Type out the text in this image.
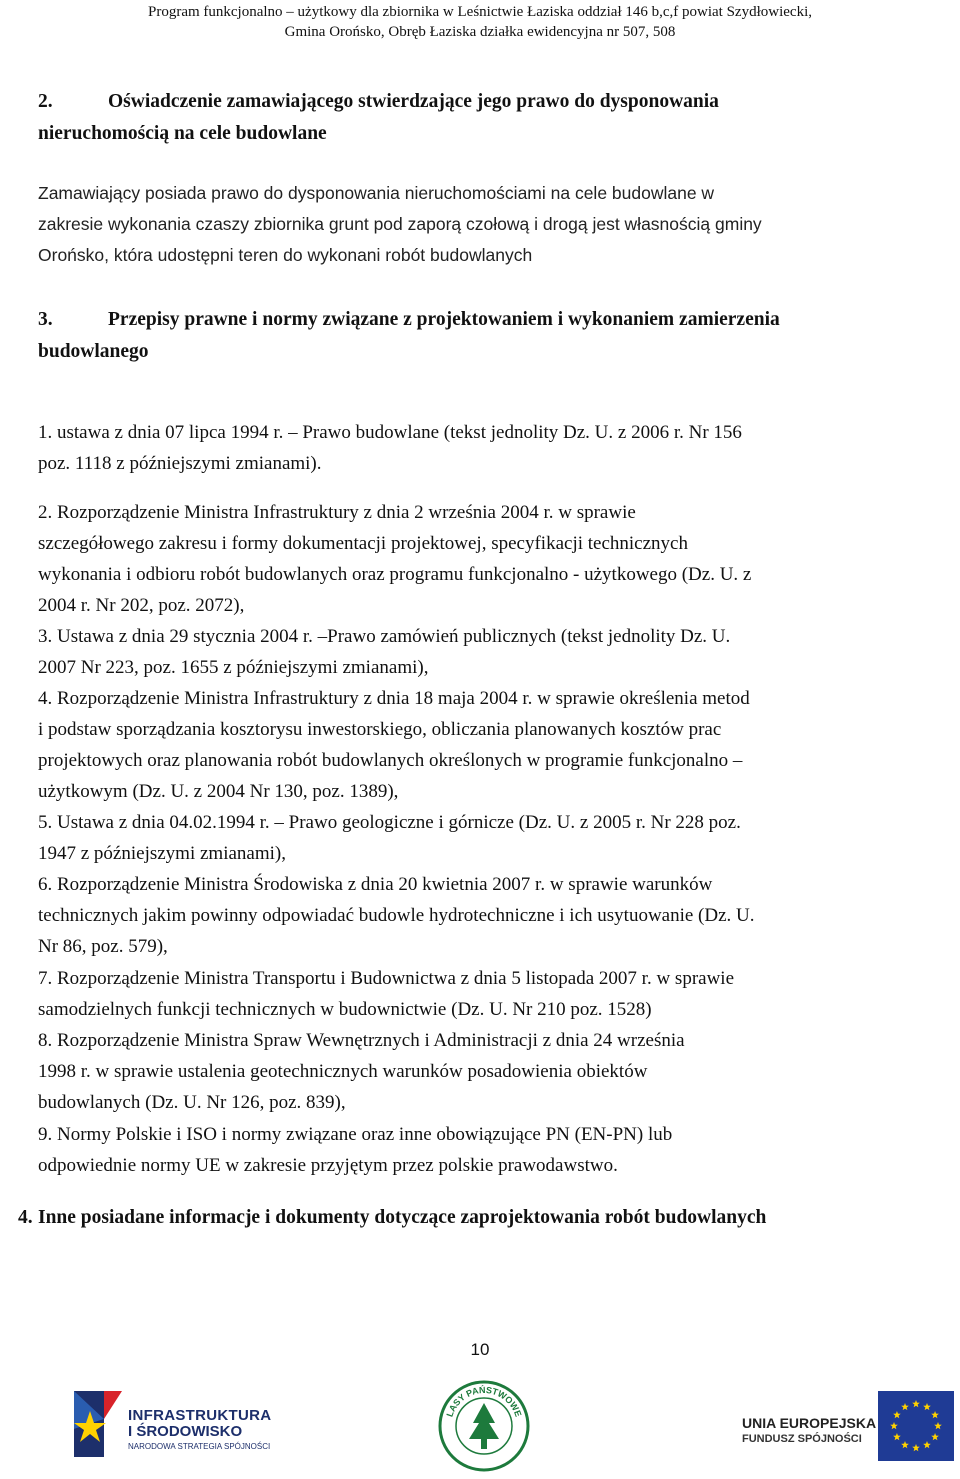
Program funkcjonalno – użytkowy dla zbiornika w Leśnictwie Łaziska oddział 146 b,c,f powiat Szydłowiecki,
Gmina Orońsko, Obręb Łaziska działka ewidencyjna nr 507, 508
2.	Oświadczenie zamawiającego stwierdzające jego prawo do dysponowania
nieruchomością na cele budowlane
Zamawiający posiada prawo do dysponowania nieruchomościami na cele budowlane w
zakresie wykonania czaszy zbiornika grunt pod zaporą czołową i drogą jest własnością gminy
Orońsko, która udostępni teren do wykonani robót budowlanych
3.	Przepisy prawne i normy związane z projektowaniem i wykonaniem zamierzenia
budowlanego
1. ustawa z dnia 07 lipca 1994 r. – Prawo budowlane (tekst jednolity Dz. U. z 2006 r. Nr 156
poz. 1118 z późniejszymi zmianami).
2. Rozporządzenie Ministra Infrastruktury z dnia 2 września 2004 r. w sprawie
szczegółowego zakresu i formy dokumentacji projektowej, specyfikacji technicznych
wykonania i odbioru robót budowlanych oraz programu funkcjonalno - użytkowego (Dz. U. z
2004 r. Nr 202, poz. 2072),
3. Ustawa z dnia 29 stycznia 2004 r. –Prawo zamówień publicznych (tekst jednolity Dz. U.
2007 Nr 223, poz. 1655 z późniejszymi zmianami),
4. Rozporządzenie Ministra Infrastruktury z dnia 18 maja 2004 r. w sprawie określenia metod
i podstaw sporządzania kosztorysu inwestorskiego, obliczania planowanych kosztów prac
projektowych oraz planowania robót budowlanych określonych w programie funkcjonalno –
użytkowym (Dz. U. z 2004 Nr 130, poz. 1389),
5. Ustawa z dnia 04.02.1994 r. – Prawo geologiczne i górnicze (Dz. U. z 2005 r. Nr 228 poz.
1947 z późniejszymi zmianami),
6. Rozporządzenie Ministra Środowiska z dnia 20 kwietnia 2007 r. w sprawie warunków
technicznych jakim powinny odpowiadać budowle hydrotechniczne i ich usytuowanie (Dz. U.
Nr 86, poz. 579),
7. Rozporządzenie Ministra Transportu i Budownictwa z dnia 5 listopada 2007 r. w sprawie
samodzielnych funkcji technicznych w budownictwie (Dz. U. Nr 210 poz. 1528)
8. Rozporządzenie Ministra Spraw Wewnętrznych i Administracji z dnia 24 września
1998 r. w sprawie ustalenia geotechnicznych warunków posadowienia obiektów
budowlanych (Dz. U. Nr 126, poz. 839),
9. Normy Polskie i ISO i normy związane oraz inne obowiązujące PN (EN-PN) lub
odpowiednie normy UE w zakresie przyjętym przez polskie prawodawstwo.
4. Inne posiadane informacje i dokumenty dotyczące zaprojektowania robót budowlanych
10
INFRASTRUKTURA
I ŚRODOWISKO
NARODOWA STRATEGIA SPÓJNOŚCI
LASY PAŃSTWOWE
UNIA EUROPEJSKA
FUNDUSZ SPÓJNOŚCI
